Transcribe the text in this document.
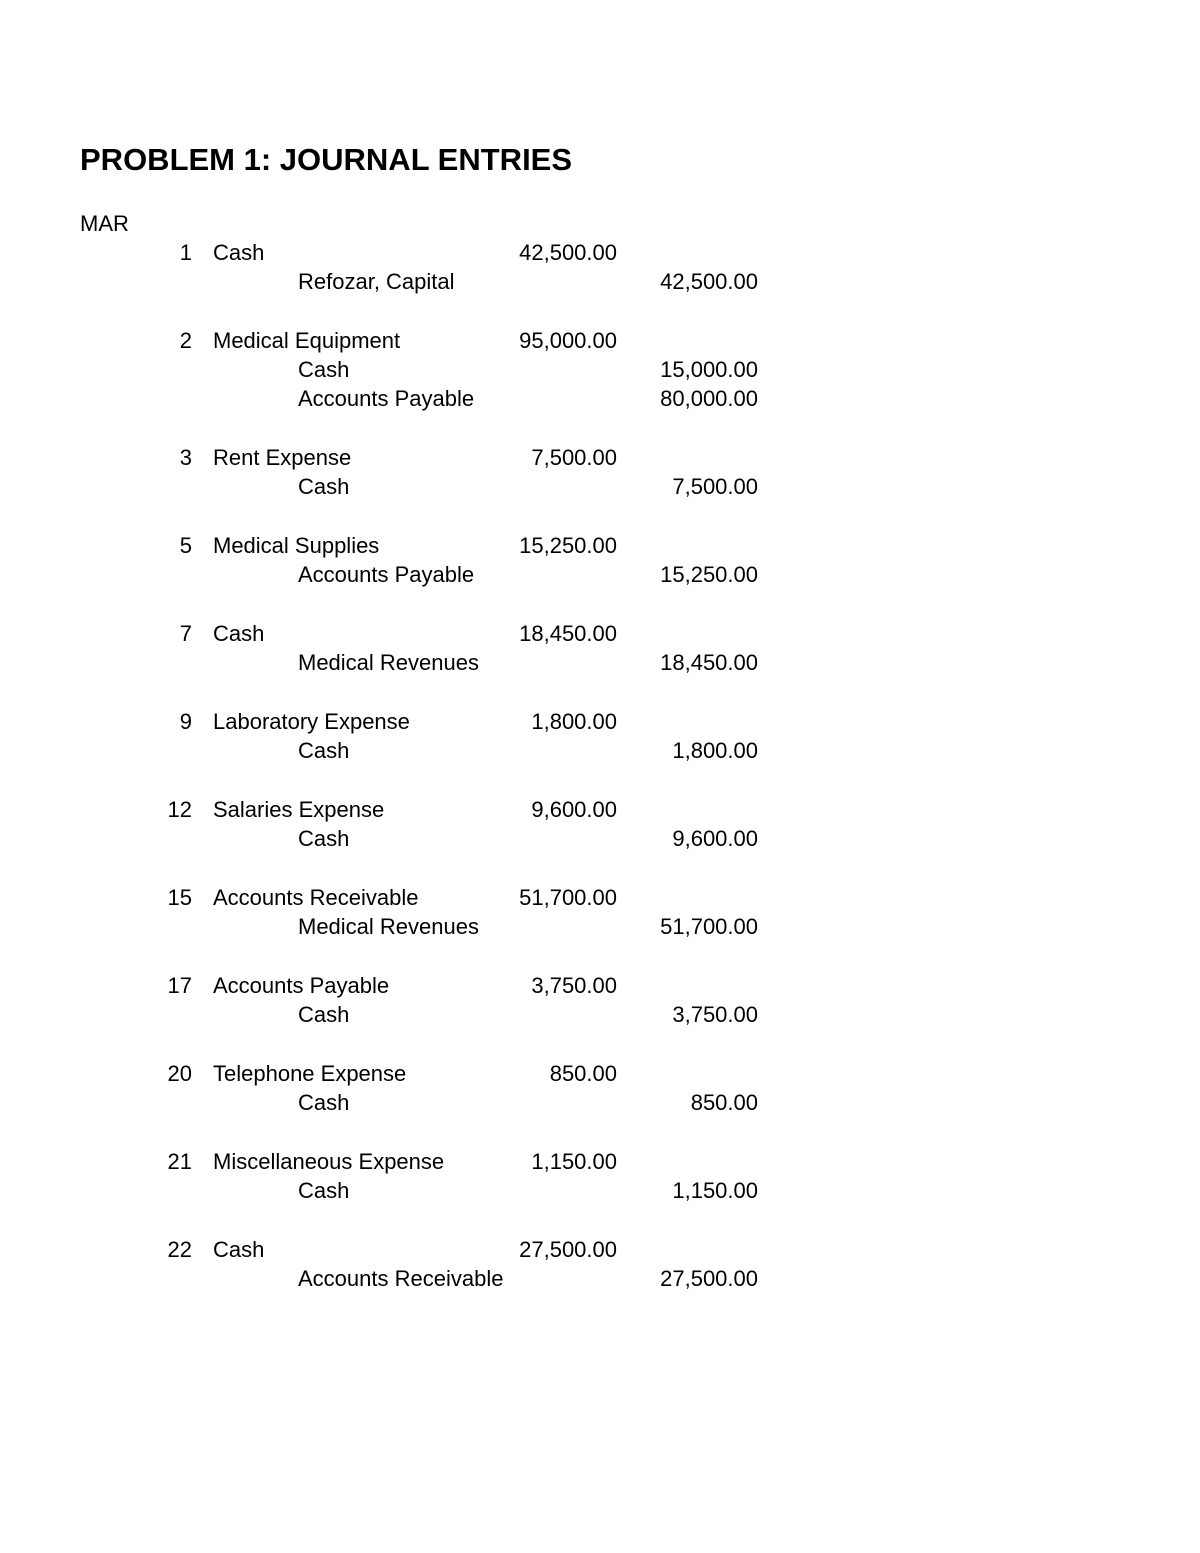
PROBLEM 1: JOURNAL ENTRIES
MAR
1 Cash	42,500.00
Refozar, Capital	42,500.00
2 Medical Equipment	95,000.00
Cash	15,000.00
Accounts Payable	80,000.00
3 Rent Expense	7,500.00
Cash	7,500.00
5 Medical Supplies	15,250.00
Accounts Payable	15,250.00
7 Cash	18,450.00
Medical Revenues	18,450.00
9 Laboratory Expense	1,800.00
Cash	1,800.00
12 Salaries Expense	9,600.00
Cash	9,600.00
15 Accounts Receivable	51,700.00
Medical Revenues	51,700.00
17 Accounts Payable	3,750.00
Cash	3,750.00
20 Telephone Expense	850.00
Cash	850.00
21 Miscellaneous Expense	1,150.00
Cash	1,150.00
22 Cash	27,500.00
Accounts Receivable	27,500.00
